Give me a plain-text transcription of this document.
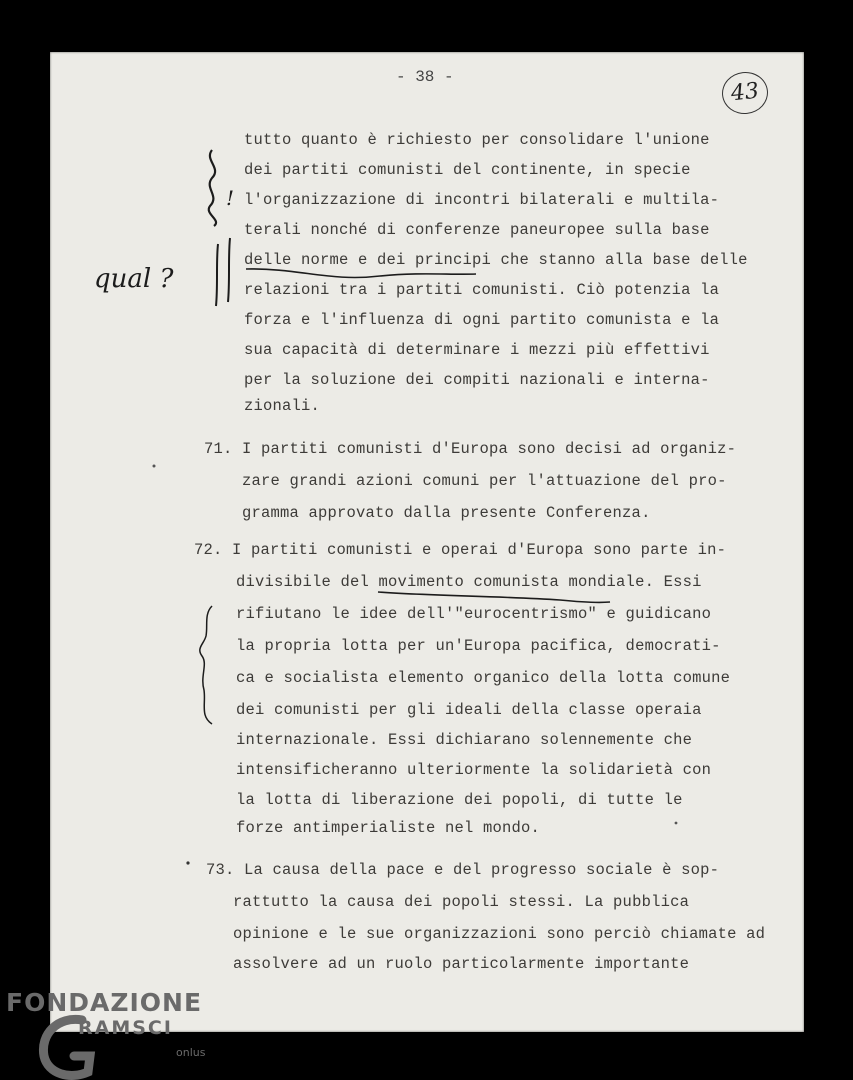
- 38 -
43
tutto quanto è richiesto per consolidare l'unione
dei partiti comunisti del continente, in specie
l'organizzazione di incontri bilaterali e multila-
terali nonché di conferenze paneuropee sulla base
delle norme e dei principi che stanno alla base delle
relazioni tra i partiti comunisti. Ciò potenzia la
forza e l'influenza di ogni partito comunista e la
sua capacità di determinare i mezzi più effettivi
per la soluzione dei compiti nazionali e interna-
zionali.
71. I partiti comunisti d'Europa sono decisi ad organiz-
zare grandi azioni comuni per l'attuazione del pro-
gramma approvato dalla presente Conferenza.
72. I partiti comunisti e operai d'Europa sono parte in-
divisibile del movimento comunista mondiale. Essi
rifiutano le idee dell'"eurocentrismo" e guidicano
la propria lotta per un'Europa pacifica, democrati-
ca e socialista elemento organico della lotta comune
dei comunisti per gli ideali della classe operaia
internazionale. Essi dichiarano solennemente che
intensificheranno ulteriormente la solidarietà con
la lotta di liberazione dei popoli, di tutte le
forze antimperialiste nel mondo.
73. La causa della pace e del progresso sociale è sop-
rattutto la causa dei popoli stessi. La pubblica
opinione e le sue organizzazioni sono perciò chiamate ad
assolvere ad un ruolo particolarmente importante
qual ?
!
FONDAZIONE
RAMSCI
onlus
